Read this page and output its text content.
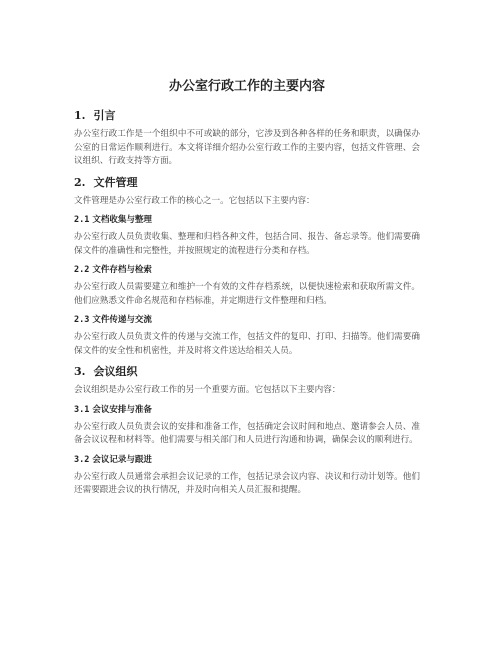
办公室行政工作的主要内容
1. 引言

办公室行政工作是一个组织中不可或缺的部分，它涉及到各种各样的任务和职责，以确保办公室的日常运作顺利进行。本文将详细介绍办公室行政工作的主要内容，包括文件管理、会议组织、行政支持等方面。

2. 文件管理

文件管理是办公室行政工作的核心之一。它包括以下主要内容：

2.1 文档收集与整理

办公室行政人员负责收集、整理和归档各种文件，包括合同、报告、备忘录等。他们需要确保文件的准确性和完整性，并按照规定的流程进行分类和存档。

2.2 文件存档与检索

办公室行政人员需要建立和维护一个有效的文件存档系统，以便快速检索和获取所需文件。他们应熟悉文件命名规范和存档标准，并定期进行文件整理和归档。

2.3 文件传递与交流

办公室行政人员负责文件的传递与交流工作，包括文件的复印、打印、扫描等。他们需要确保文件的安全性和机密性，并及时将文件送达给相关人员。

3. 会议组织

会议组织是办公室行政工作的另一个重要方面。它包括以下主要内容：

3.1 会议安排与准备

办公室行政人员负责会议的安排和准备工作，包括确定会议时间和地点、邀请参会人员、准备会议议程和材料等。他们需要与相关部门和人员进行沟通和协调，确保会议的顺利进行。

3.2 会议记录与跟进

办公室行政人员通常会承担会议记录的工作，包括记录会议内容、决议和行动计划等。他们还需要跟进会议的执行情况，并及时向相关人员汇报和提醒。
